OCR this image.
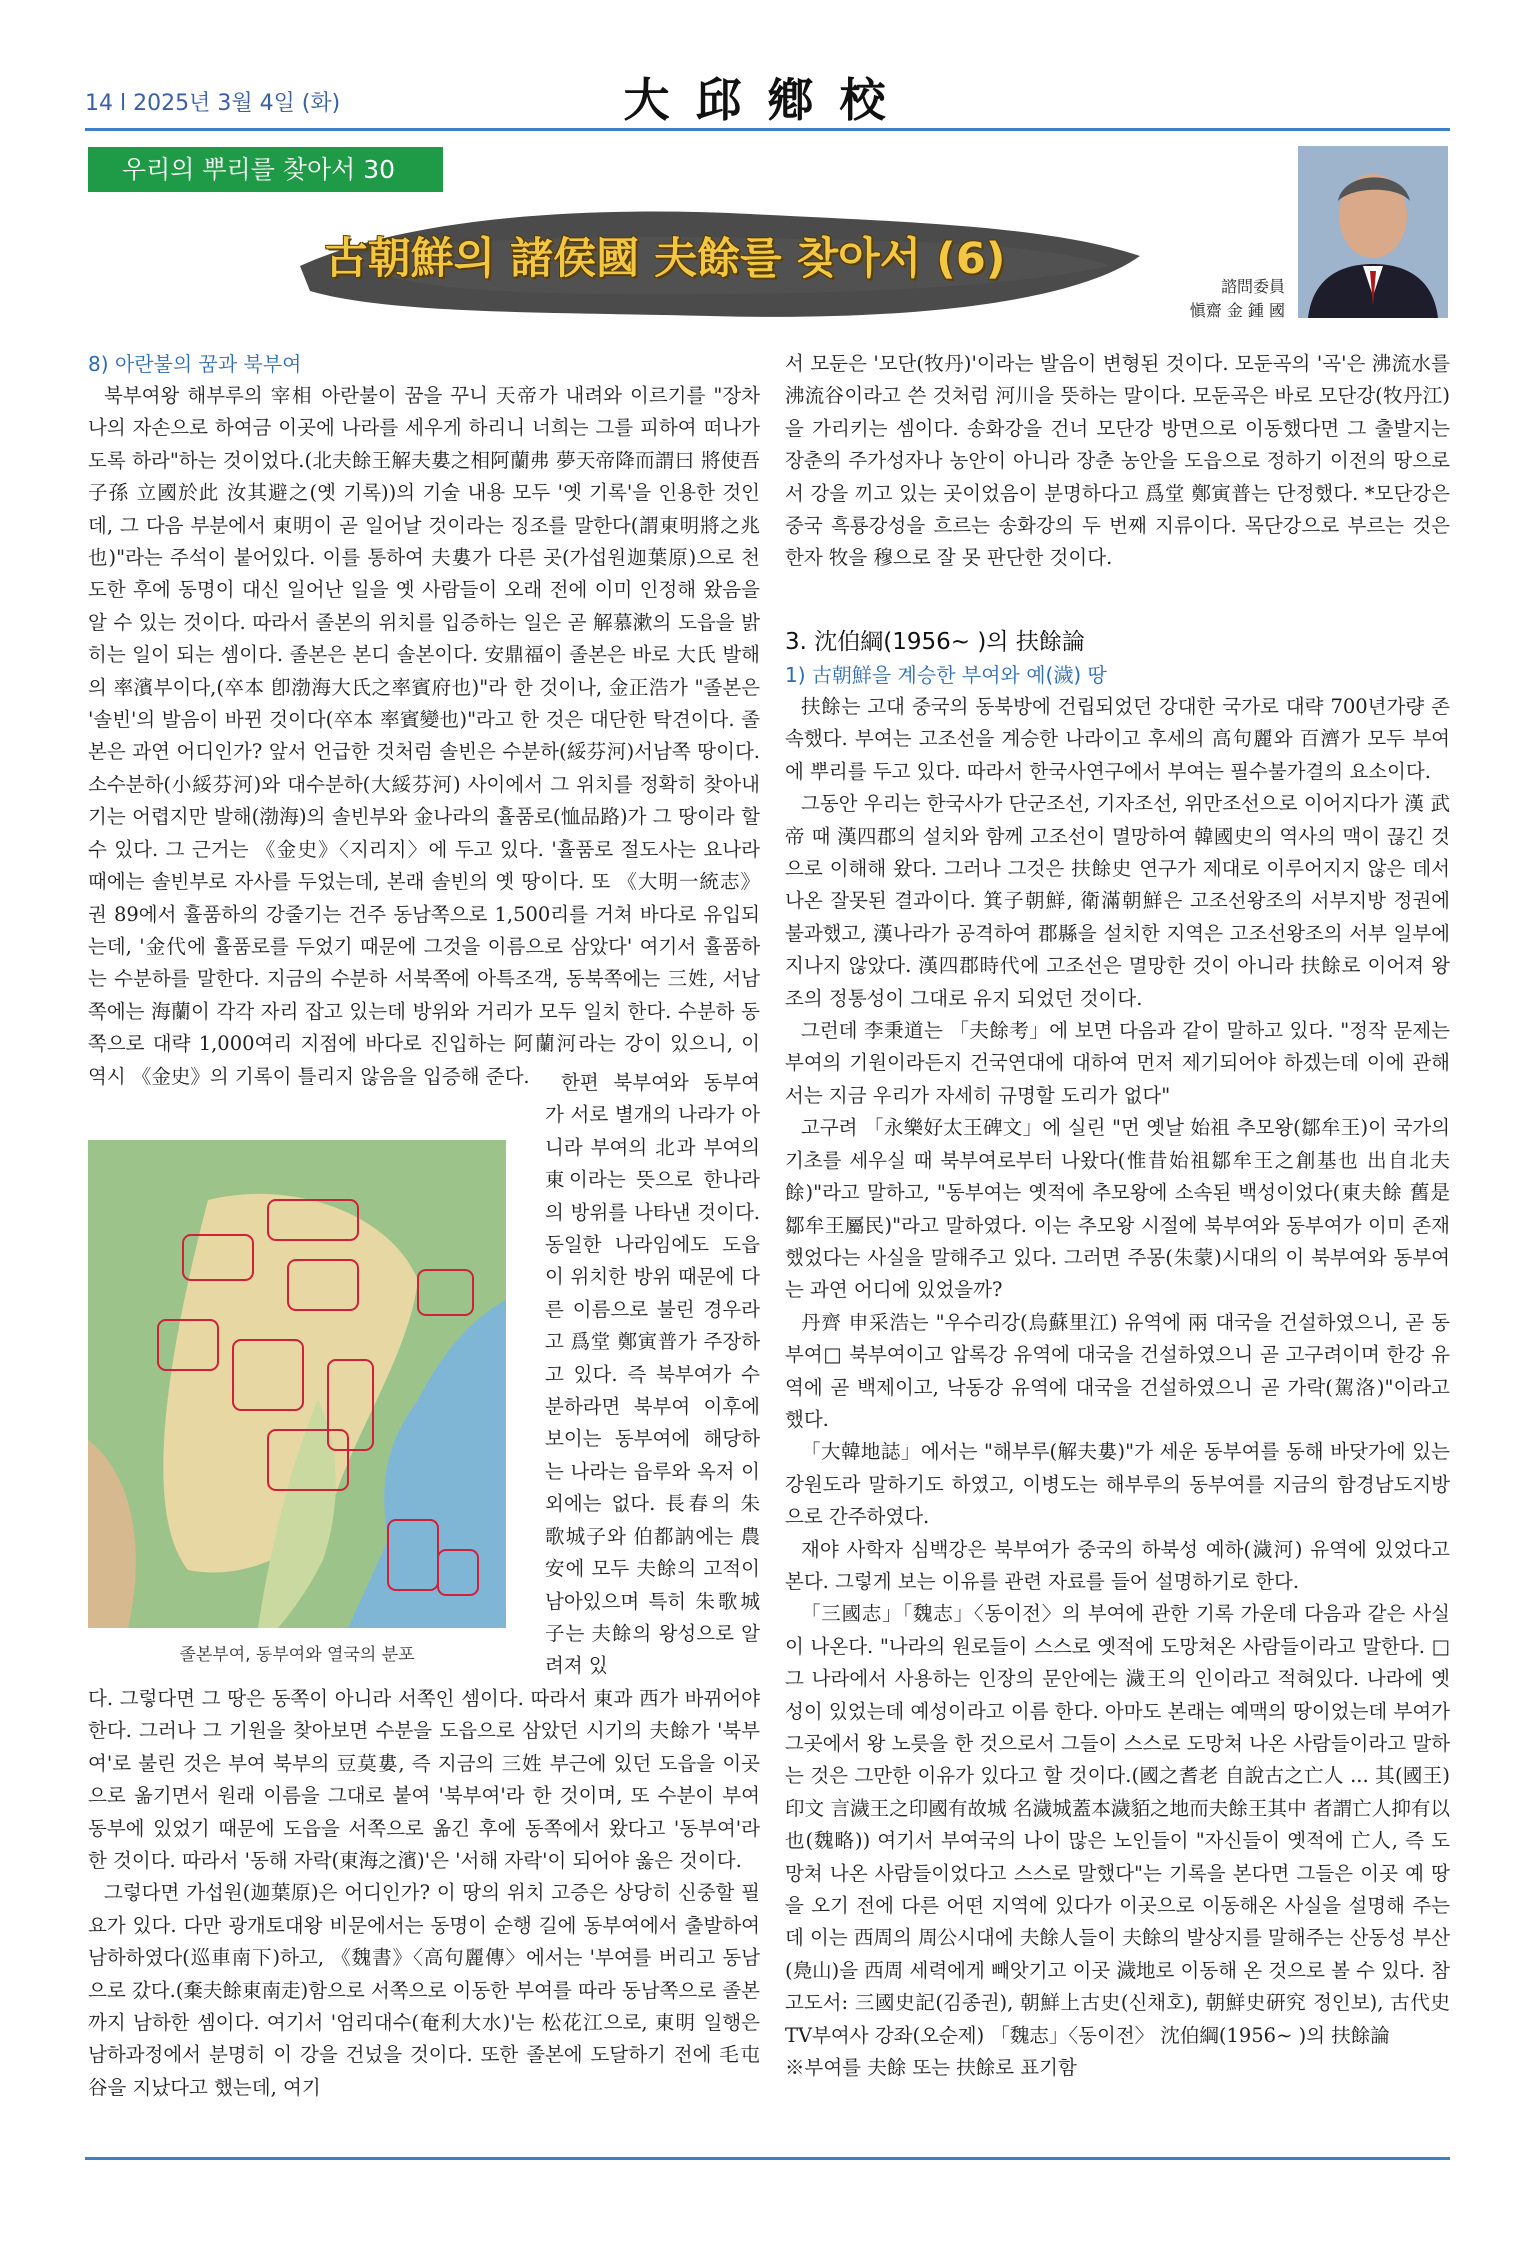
14 l 2025년 3월 4일 (화)	大邱鄕校
우리의 뿌리를 찾아서 30
古朝鮮의 諸侯國 夫餘를 찾아서 (6)
諮問委員
愼齋 金 鍾 國

8) 아란불의 꿈과 북부여

북부여왕 해부루의 宰相 아란불이 꿈을 꾸니 天帝가 내려와 이르기를 "장차 나의 자손으로 하여금 이곳에 나라를 세우게 하리니 너희는 그를 피하여 떠나가도록 하라"하는 것이었다.(北夫餘王解夫婁之相阿蘭弗 夢天帝降而謂曰 將使吾子孫 立國於此 汝其避之(옛 기록))의 기술 내용 모두 '옛 기록'을 인용한 것인데, 그 다음 부분에서 東明이 곧 일어날 것이라는 징조를 말한다(謂東明將之兆也)"라는 주석이 붙어있다. 이를 통하여 夫婁가 다른 곳(가섭원迦葉原)으로 천도한 후에 동명이 대신 일어난 일을 옛 사람들이 오래 전에 이미 인정해 왔음을 알 수 있는 것이다. 따라서 졸본의 위치를 입증하는 일은 곧 解慕漱의 도읍을 밝히는 일이 되는 셈이다. 졸본은 본디 솔본이다. 安鼎福이 졸본은 바로 大氏 발해의 率濱부이다,(卒本 卽渤海大氏之率賓府也)"라 한 것이나, 金正浩가 "졸본은 '솔빈'의 발음이 바뀐 것이다(卒本 率賓變也)"라고 한 것은 대단한 탁견이다. 졸본은 과연 어디인가? 앞서 언급한 것처럼 솔빈은 수분하(綏芬河)서남쪽 땅이다. 소수분하(小綏芬河)와 대수분하(大綏芬河) 사이에서 그 위치를 정확히 찾아내기는 어렵지만 발해(渤海)의 솔빈부와 金나라의 휼품로(恤品路)가 그 땅이라 할 수 있다. 그 근거는 《金史》〈지리지〉에 두고 있다. '휼품로 절도사는 요나라 때에는 솔빈부로 자사를 두었는데, 본래 솔빈의 옛 땅이다. 또 《大明一統志》 권 89에서 휼품하의 강줄기는 건주 동남쪽으로 1,500리를 거쳐 바다로 유입되는데, '金代에 휼품로를 두었기 때문에 그것을 이름으로 삼았다' 여기서 휼품하는 수분하를 말한다. 지금의 수분하 서북쪽에 아특조객, 동북쪽에는 三姓, 서남쪽에는 海蘭이 각각 자리 잡고 있는데 방위와 거리가 모두 일치 한다. 수분하 동쪽으로 대략 1,000여리 지점에 바다로 진입하는 阿蘭河라는 강이 있으니, 이 역시 《金史》의 기록이 틀리지 않음을 입증해 준다.

졸본부여, 동부여와 열국의 분포

한편 북부여와 동부여가 서로 별개의 나라가 아니라 부여의 北과 부여의 東이라는 뜻으로 한나라의 방위를 나타낸 것이다. 동일한 나라임에도 도읍이 위치한 방위 때문에 다른 이름으로 불린 경우라고 爲堂 鄭寅普가 주장하고 있다. 즉 북부여가 수분하라면 북부여 이후에 보이는 동부여에 해당하는 나라는 읍루와 옥저 이외에는 없다. 長春의 朱歌城子와 伯都訥에는 農安에 모두 夫餘의 고적이 남아있으며 특히 朱歌城子는 夫餘의 왕성으로 알려져 있

다. 그렇다면 그 땅은 동쪽이 아니라 서쪽인 셈이다. 따라서 東과 西가 바뀌어야 한다. 그러나 그 기원을 찾아보면 수분을 도읍으로 삼았던 시기의 夫餘가 '북부여'로 불린 것은 부여 북부의 豆莫婁, 즉 지금의 三姓 부근에 있던 도읍을 이곳으로 옮기면서 원래 이름을 그대로 붙여 '북부여'라 한 것이며, 또 수분이 부여 동부에 있었기 때문에 도읍을 서쪽으로 옮긴 후에 동쪽에서 왔다고 '동부여'라 한 것이다. 따라서 '동해 자락(東海之濱)'은 '서해 자락'이 되어야 옳은 것이다.

그렇다면 가섭원(迦葉原)은 어디인가? 이 땅의 위치 고증은 상당히 신중할 필요가 있다. 다만 광개토대왕 비문에서는 동명이 순행 길에 동부여에서 출발하여 남하하였다(巡車南下)하고, 《魏書》〈高句麗傳〉에서는 '부여를 버리고 동남으로 갔다.(棄夫餘東南走)함으로 서쪽으로 이동한 부여를 따라 동남쪽으로 졸본까지 남하한 셈이다. 여기서 '엄리대수(奄利大水)'는 松花江으로, 東明 일행은 남하과정에서 분명히 이 강을 건넜을 것이다. 또한 졸본에 도달하기 전에 毛屯谷을 지났다고 했는데, 여기

서 모둔은 '모단(牧丹)'이라는 발음이 변형된 것이다. 모둔곡의 '곡'은 沸流水를 沸流谷이라고 쓴 것처럼 河川을 뜻하는 말이다. 모둔곡은 바로 모단강(牧丹江)을 가리키는 셈이다. 송화강을 건너 모단강 방면으로 이동했다면 그 출발지는 장춘의 주가성자나 농안이 아니라 장춘 농안을 도읍으로 정하기 이전의 땅으로서 강을 끼고 있는 곳이었음이 분명하다고 爲堂 鄭寅普는 단정했다. *모단강은 중국 흑룡강성을 흐르는 송화강의 두 번째 지류이다. 목단강으로 부르는 것은 한자 牧을 穆으로 잘 못 판단한 것이다.

3. 沈伯綱(1956∼ )의 扶餘論

1) 古朝鮮을 계승한 부여와 예(濊) 땅

扶餘는 고대 중국의 동북방에 건립되었던 강대한 국가로 대략 700년가량 존속했다. 부여는 고조선을 계승한 나라이고 후세의 高句麗와 百濟가 모두 부여에 뿌리를 두고 있다. 따라서 한국사연구에서 부여는 필수불가결의 요소이다.

그동안 우리는 한국사가 단군조선, 기자조선, 위만조선으로 이어지다가 漢 武帝 때 漢四郡의 설치와 함께 고조선이 멸망하여 韓國史의 역사의 맥이 끊긴 것으로 이해해 왔다. 그러나 그것은 扶餘史 연구가 제대로 이루어지지 않은 데서 나온 잘못된 결과이다. 箕子朝鮮, 衛滿朝鮮은 고조선왕조의 서부지방 정권에 불과했고, 漢나라가 공격하여 郡縣을 설치한 지역은 고조선왕조의 서부 일부에 지나지 않았다. 漢四郡時代에 고조선은 멸망한 것이 아니라 扶餘로 이어져 왕조의 정통성이 그대로 유지 되었던 것이다.

그런데 李秉道는 「夫餘考」에 보면 다음과 같이 말하고 있다. "정작 문제는 부여의 기원이라든지 건국연대에 대하여 먼저 제기되어야 하겠는데 이에 관해서는 지금 우리가 자세히 규명할 도리가 없다"

고구려 「永樂好太王碑文」에 실린 "먼 옛날 始祖 추모왕(鄒牟王)이 국가의 기초를 세우실 때 북부여로부터 나왔다(惟昔始祖鄒牟王之創基也 出自北夫餘)"라고 말하고, "동부여는 옛적에 추모왕에 소속된 백성이었다(東夫餘 舊是鄒牟王屬民)"라고 말하였다. 이는 추모왕 시절에 북부여와 동부여가 이미 존재했었다는 사실을 말해주고 있다. 그러면 주몽(朱蒙)시대의 이 북부여와 동부여는 과연 어디에 있었을까?

丹齊 申采浩는 "우수리강(烏蘇里江) 유역에 兩 대국을 건설하였으니, 곧 동부여□ 북부여이고 압록강 유역에 대국을 건설하였으니 곧 고구려이며 한강 유역에 곧 백제이고, 낙동강 유역에 대국을 건설하였으니 곧 가락(駕洛)"이라고 했다.

「大韓地誌」에서는 "해부루(解夫婁)"가 세운 동부여를 동해 바닷가에 있는 강원도라 말하기도 하였고, 이병도는 해부루의 동부여를 지금의 함경남도지방으로 간주하였다.

재야 사학자 심백강은 북부여가 중국의 하북성 예하(濊河) 유역에 있었다고 본다. 그렇게 보는 이유를 관련 자료를 들어 설명하기로 한다.

「三國志」「魏志」〈동이전〉의 부여에 관한 기록 가운데 다음과 같은 사실이 나온다. "나라의 원로들이 스스로 옛적에 도망쳐온 사람들이라고 말한다. □ 그 나라에서 사용하는 인장의 문안에는 濊王의 인이라고 적혀있다. 나라에 옛 성이 있었는데 예성이라고 이름 한다. 아마도 본래는 예맥의 땅이었는데 부여가 그곳에서 왕 노릇을 한 것으로서 그들이 스스로 도망쳐 나온 사람들이라고 말하는 것은 그만한 이유가 있다고 할 것이다.(國之耆老 自說古之亡人 ... 其(國王)印文 言濊王之印國有故城 名濊城蓋本濊貊之地而夫餘王其中 者謂亡人抑有以也(魏略)) 여기서 부여국의 나이 많은 노인들이 "자신들이 옛적에 亡人, 즉 도망쳐 나온 사람들이었다고 스스로 말했다"는 기록을 본다면 그들은 이곳 예 땅을 오기 전에 다른 어떤 지역에 있다가 이곳으로 이동해온 사실을 설명해 주는데 이는 西周의 周公시대에 夫餘人들이 夫餘의 발상지를 말해주는 산동성 부산(鳧山)을 西周 세력에게 빼앗기고 이곳 濊地로 이동해 온 것으로 볼 수 있다. 참고도서: 三國史記(김종권), 朝鮮上古史(신채호), 朝鮮史硏究 정인보), 古代史TV부여사 강좌(오순제) 「魏志」〈동이전〉 沈伯綱(1956∼ )의 扶餘論

※부여를 夫餘 또는 扶餘로 표기함
